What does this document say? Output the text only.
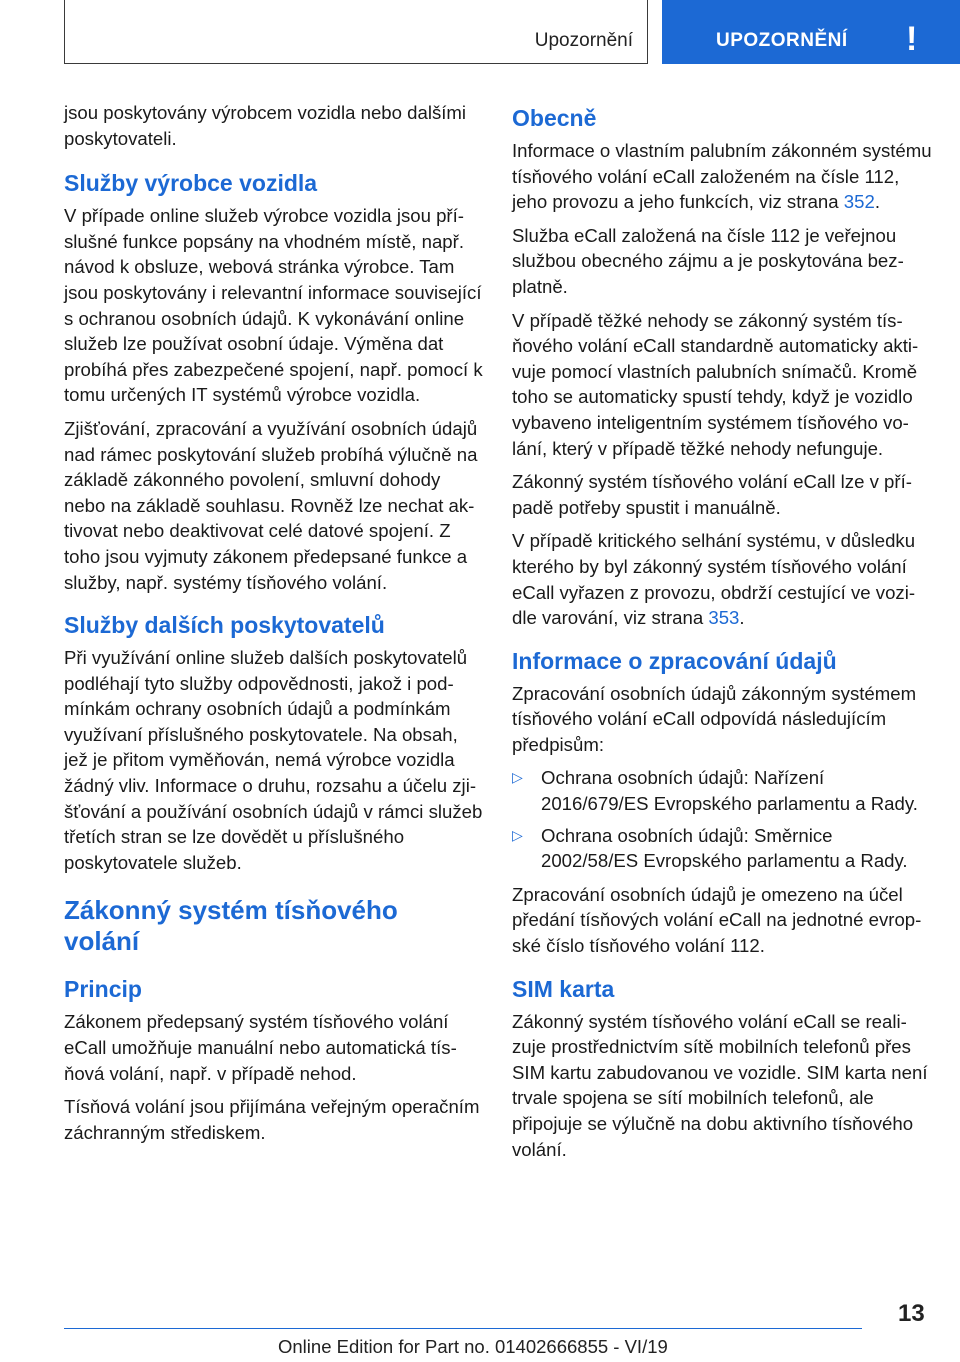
Upozornění	UPOZORNĚNÍ !

jsou poskytovány výrobcem vozidla nebo dalšími
poskytovateli.

Služby výrobce vozidla

V případe online služeb výrobce vozidla jsou příslušné funkce popsány na vhodném místě, např. návod k obsluze, webová stránka výrobce. Tam jsou poskytovány i relevantní informace související s ochranou osobních údajů. K vykonávání online služeb lze používat osobní údaje. Výměna dat probíhá přes zabezpečené spojení, např. pomocí k tomu určených IT systémů výrobce vozidla.

Zjišťování, zpracování a využívání osobních údajů nad rámec poskytování služeb probíhá výlučně na základě zákonného povolení, smluvní dohody nebo na základě souhlasu. Rovněž lze nechat aktivovat nebo deaktivovat celé datové spojení. Z toho jsou vyjmuty zákonem předepsané funkce a služby, např. systémy tísňového volání.

Služby dalších poskytovatelů

Při využívání online služeb dalších poskytovatelů podléhají tyto služby odpovědnosti, jakož i podmínkám ochrany osobních údajů a podmínkám využívaní příslušného poskytovatele. Na obsah, jež je přitom vyměňován, nemá výrobce vozidla žádný vliv. Informace o druhu, rozsahu a účelu zjišťování a používání osobních údajů v rámci služeb třetích stran se lze dovědět u příslušného poskytovatele služeb.

Zákonný systém tísňového
volání
Princip

Zákonem předepsaný systém tísňového volání eCall umožňuje manuální nebo automatická tísňová volání, např. v případě nehod.

Tísňová volání jsou přijímána veřejným operačním záchranným střediskem.

Obecně

Informace o vlastním palubním zákonném systému tísňového volání eCall založeném na čísle 112, jeho provozu a jeho funkcích, viz strana 352.

Služba eCall založená na čísle 112 je veřejnou službou obecného zájmu a je poskytována bezplatně.

V případě těžké nehody se zákonný systém tísňového volání eCall standardně automaticky aktivuje pomocí vlastních palubních snímačů. Kromě toho se automaticky spustí tehdy, když je vozidlo vybaveno inteligentním systémem tísňového volání, který v případě těžké nehody nefunguje.

Zákonný systém tísňového volání eCall lze v případě potřeby spustit i manuálně.

V případě kritického selhání systému, v důsledku kterého by byl zákonný systém tísňového volání eCall vyřazen z provozu, obdrží cestující ve vozidle varování, viz strana 353.

Informace o zpracování údajů

Zpracování osobních údajů zákonným systémem tísňového volání eCall odpovídá následujícím předpisům:

▷ Ochrana osobních údajů: Nařízení 2016/679/ES Evropského parlamentu a Rady.
▷ Ochrana osobních údajů: Směrnice 2002/58/ES Evropského parlamentu a Rady.

Zpracování osobních údajů je omezeno na účel předání tísňových volání eCall na jednotné evropské číslo tísňového volání 112.

SIM karta

Zákonný systém tísňového volání eCall se realizuje prostřednictvím sítě mobilních telefonů přes SIM kartu zabudovanou ve vozidle. SIM karta není trvale spojena se sítí mobilních telefonů, ale připojuje se výlučně na dobu aktivního tísňového volání.

13
Online Edition for Part no. 01402666855 - VI/19
